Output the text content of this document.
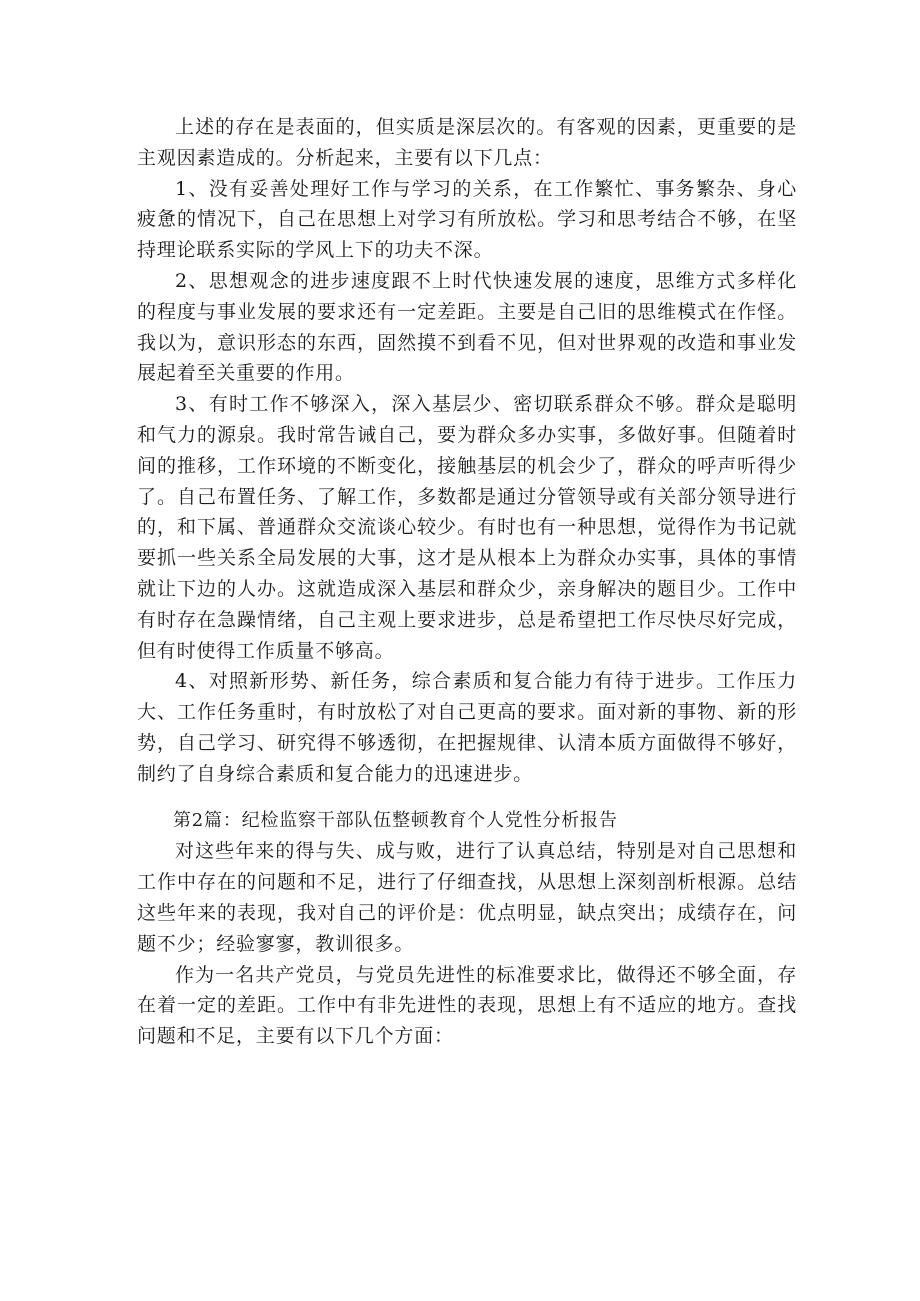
上述的存在是表面的，但实质是深层次的。有客观的因素，更重要的是主观因素造成的。分析起来，主要有以下几点：

1、没有妥善处理好工作与学习的关系，在工作繁忙、事务繁杂、身心疲惫的情况下，自己在思想上对学习有所放松。学习和思考结合不够，在坚持理论联系实际的学风上下的功夫不深。

2、思想观念的进步速度跟不上时代快速发展的速度，思维方式多样化的程度与事业发展的要求还有一定差距。主要是自己旧的思维模式在作怪。我以为，意识形态的东西，固然摸不到看不见，但对世界观的改造和事业发展起着至关重要的作用。

3、有时工作不够深入，深入基层少、密切联系群众不够。群众是聪明和气力的源泉。我时常告诫自己，要为群众多办实事，多做好事。但随着时间的推移，工作环境的不断变化，接触基层的机会少了，群众的呼声听得少了。自己布置任务、了解工作，多数都是通过分管领导或有关部分领导进行的，和下属、普通群众交流谈心较少。有时也有一种思想，觉得作为书记就要抓一些关系全局发展的大事，这才是从根本上为群众办实事，具体的事情就让下边的人办。这就造成深入基层和群众少，亲身解决的题目少。工作中有时存在急躁情绪，自己主观上要求进步，总是希望把工作尽快尽好完成，但有时使得工作质量不够高。

4、对照新形势、新任务，综合素质和复合能力有待于进步。工作压力大、工作任务重时，有时放松了对自己更高的要求。面对新的事物、新的形势，自己学习、研究得不够透彻，在把握规律、认清本质方面做得不够好，制约了自身综合素质和复合能力的迅速进步。

第2篇：纪检监察干部队伍整顿教育个人党性分析报告

对这些年来的得与失、成与败，进行了认真总结，特别是对自己思想和工作中存在的问题和不足，进行了仔细查找，从思想上深刻剖析根源。总结这些年来的表现，我对自己的评价是：优点明显，缺点突出；成绩存在，问题不少；经验寥寥，教训很多。

作为一名共产党员，与党员先进性的标准要求比，做得还不够全面，存在着一定的差距。工作中有非先进性的表现，思想上有不适应的地方。查找问题和不足，主要有以下几个方面：
